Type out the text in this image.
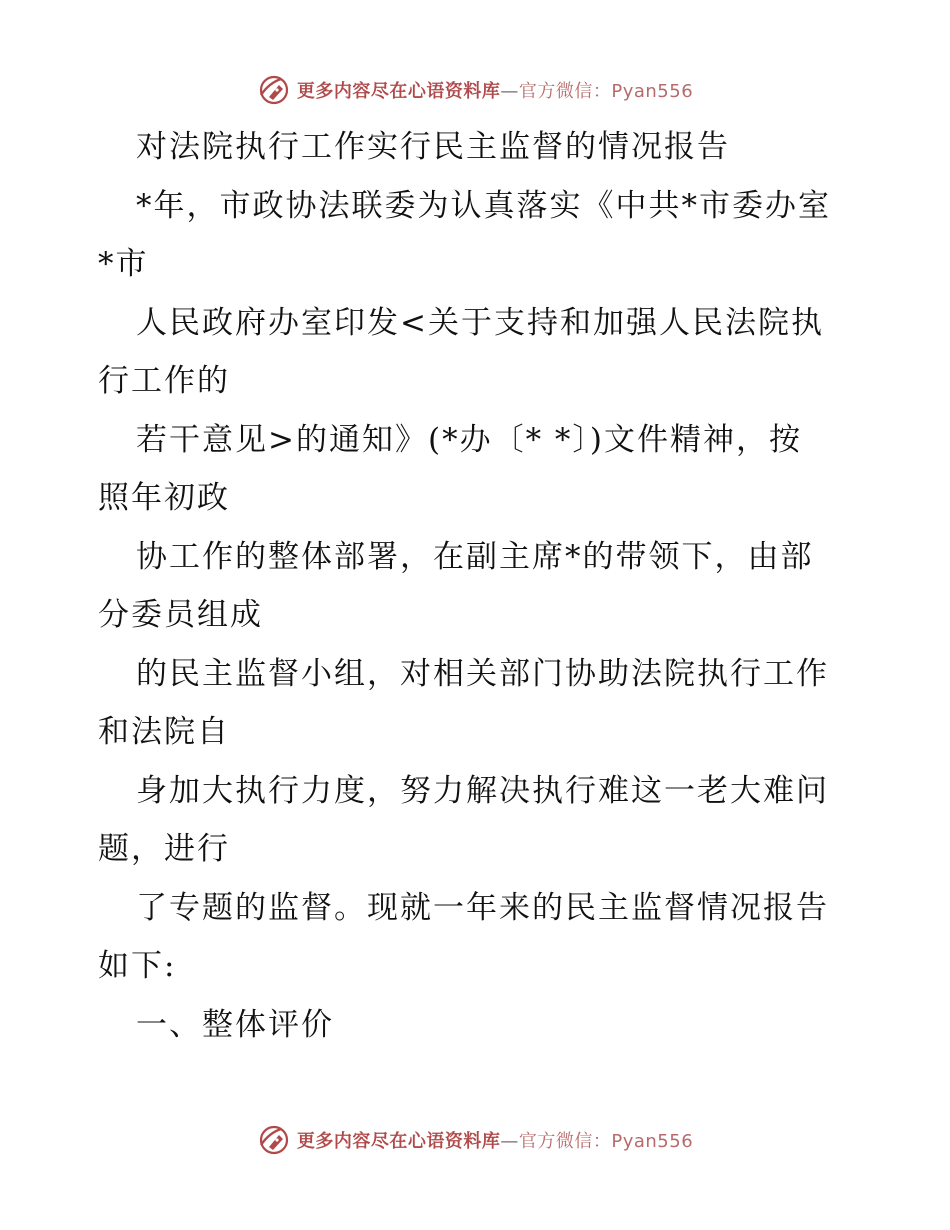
更多内容尽在心语资料库—官方微信：Pyan556
对法院执行工作实行民主监督的情况报告
*年，市政协法联委为认真落实《中共*市委办室
*市
人民政府办室印发<关于支持和加强人民法院执
行工作的
若干意见>的通知》(*办〔* *〕)文件精神，按
照年初政
协工作的整体部署，在副主席*的带领下，由部
分委员组成
的民主监督小组，对相关部门协助法院执行工作
和法院自
身加大执行力度，努力解决执行难这一老大难问
题，进行
了专题的监督。现就一年来的民主监督情况报告
如下:
一、整体评价
更多内容尽在心语资料库—官方微信：Pyan556
